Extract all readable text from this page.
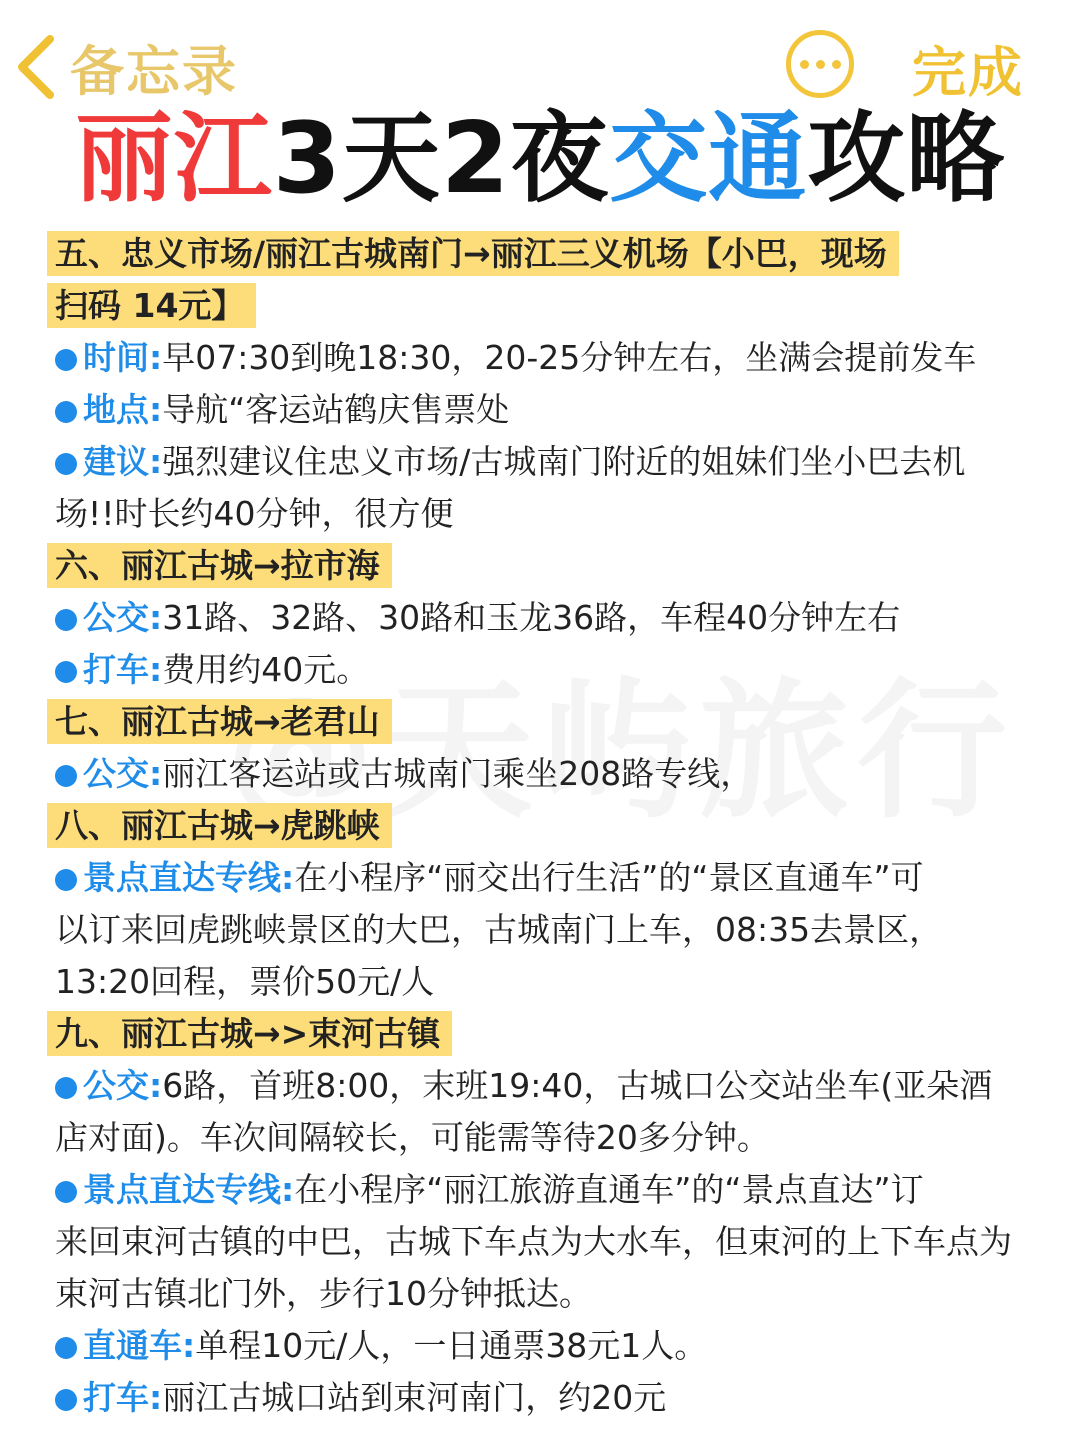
备忘录	完成
丽江3天2夜交通攻略
五、忠义市场/丽江古城南门→丽江三义机场【小巴，现场
扫码 14元】
时间:早07:30到晚18:30，20-25分钟左右，坐满会提前发车
地点:导航“客运站鹤庆售票处
建议:强烈建议住忠义市场/古城南门附近的姐妹们坐小巴去机
场!!时长约40分钟，很方便
六、丽江古城→拉市海
公交:31路、32路、30路和玉龙36路，车程40分钟左右
打车:费用约40元。
七、丽江古城→老君山
公交:丽江客运站或古城南门乘坐208路专线，
八、丽江古城→虎跳峡
景点直达专线:在小程序“丽交出行生活”的“景区直通车”可
以订来回虎跳峡景区的大巴，古城南门上车，08:35去景区，
13:20回程，票价50元/人
九、丽江古城→>束河古镇
公交:6路，首班8:00，末班19:40，古城口公交站坐车(亚朵酒
店对面)。车次间隔较长，可能需等待20多分钟。
景点直达专线:在小程序“丽江旅游直通车”的“景点直达”订
来回束河古镇的中巴，古城下车点为大水车，但束河的上下车点为
束河古镇北门外，步行10分钟抵达。
直通车:单程10元/人，一日通票38元1人。
打车:丽江古城口站到束河南门，约20元
